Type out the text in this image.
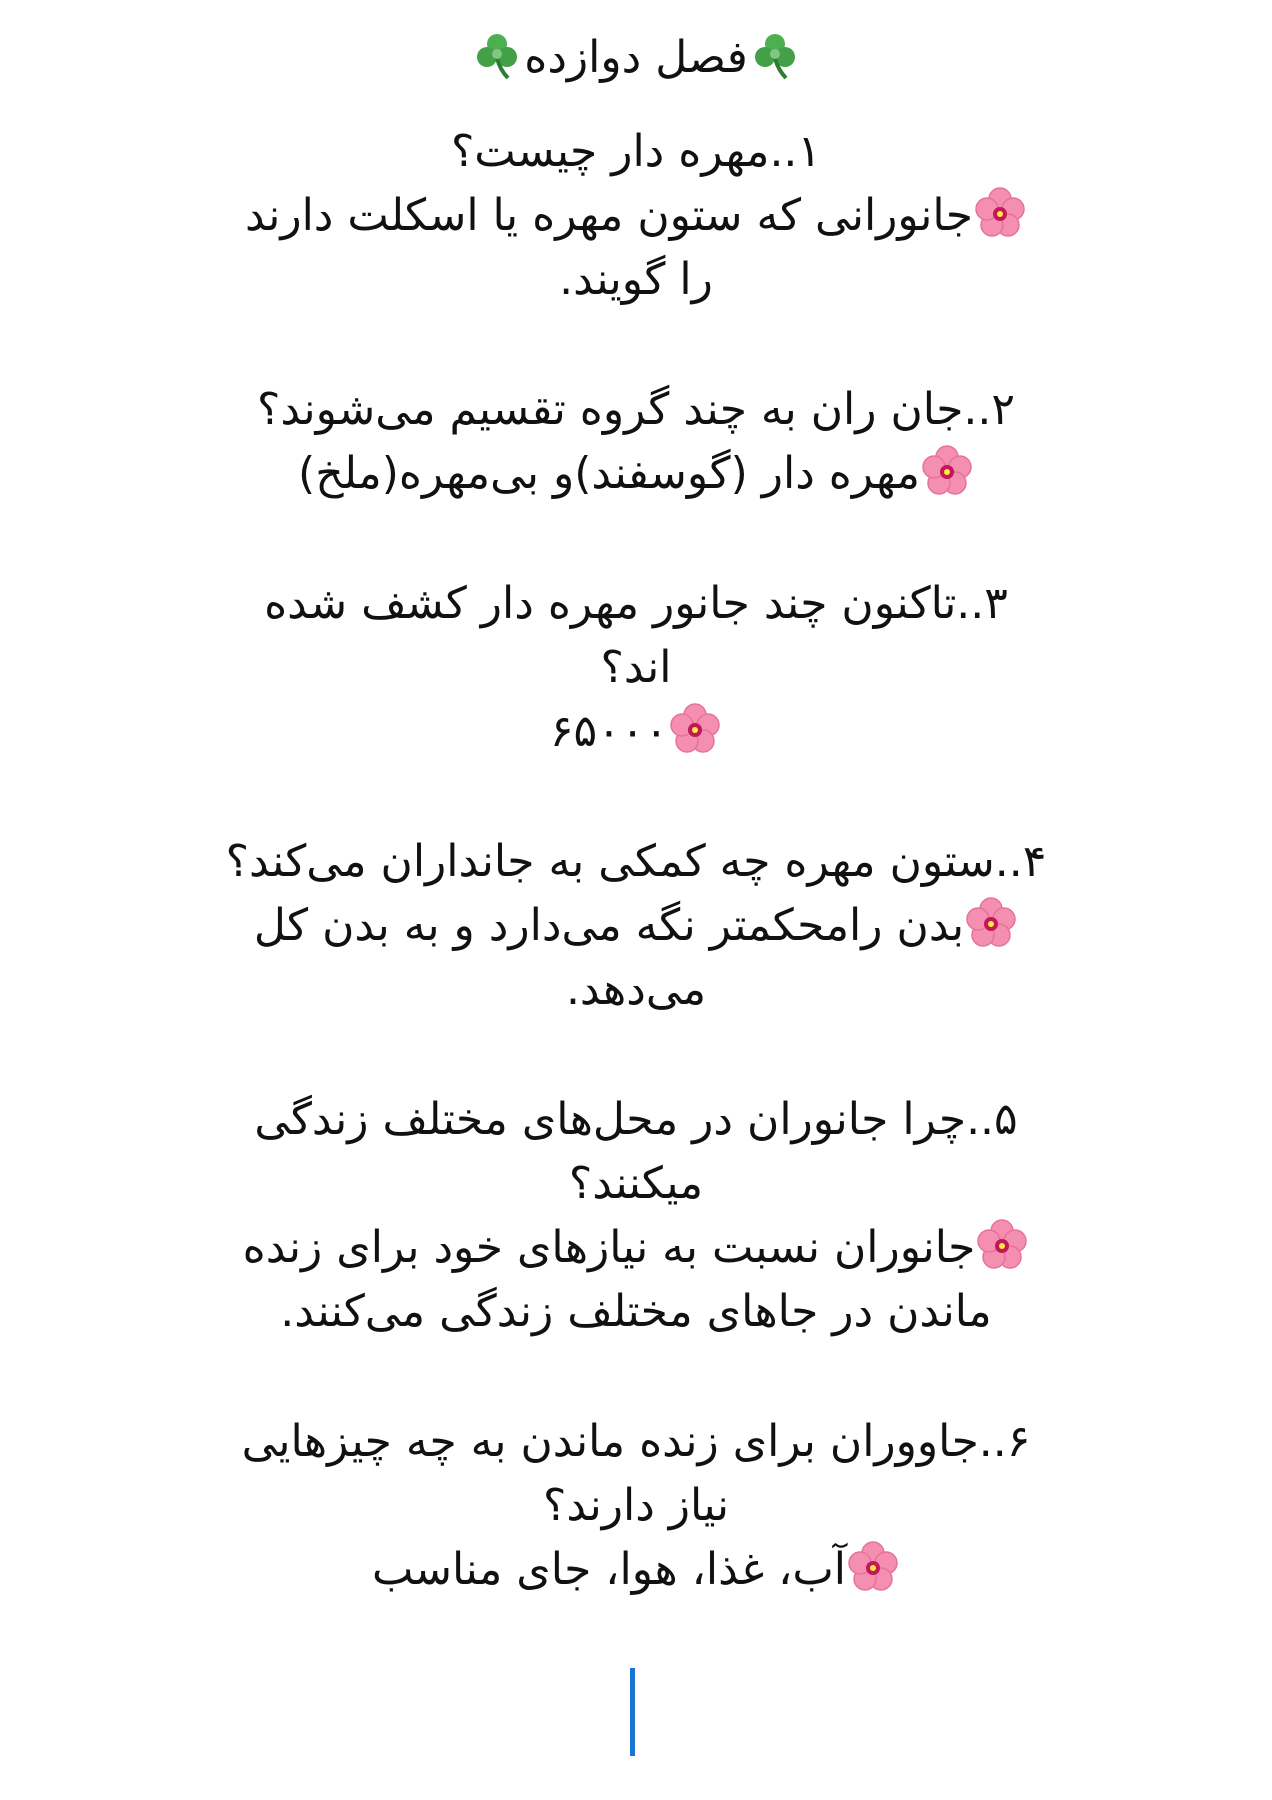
فصل دوازده
۱..مهره دار چیست؟
جانورانی که ستون مهره یا اسکلت دارند
را گویند.
۲..جان ران به چند گروه تقسیم می‌شوند؟
مهره دار (گوسفند)و بی‌مهره(ملخ)
۳..تاکنون چند جانور مهره دار کشف شده
اند؟
۶۵۰۰۰
۴..ستون مهره چه کمکی به جانداران می‌کند؟
بدن رامحکمتر نگه می‌دارد و به بدن کل
می‌دهد.
۵..چرا جانوران در محل‌های مختلف زندگی
میکنند؟
جانوران نسبت به نیازهای خود برای زنده
ماندن در جاهای مختلف زندگی می‌کنند.
۶..جاووران برای زنده ماندن به چه چیزهایی
نیاز دارند؟
آب، غذا، هوا، جای مناسب
